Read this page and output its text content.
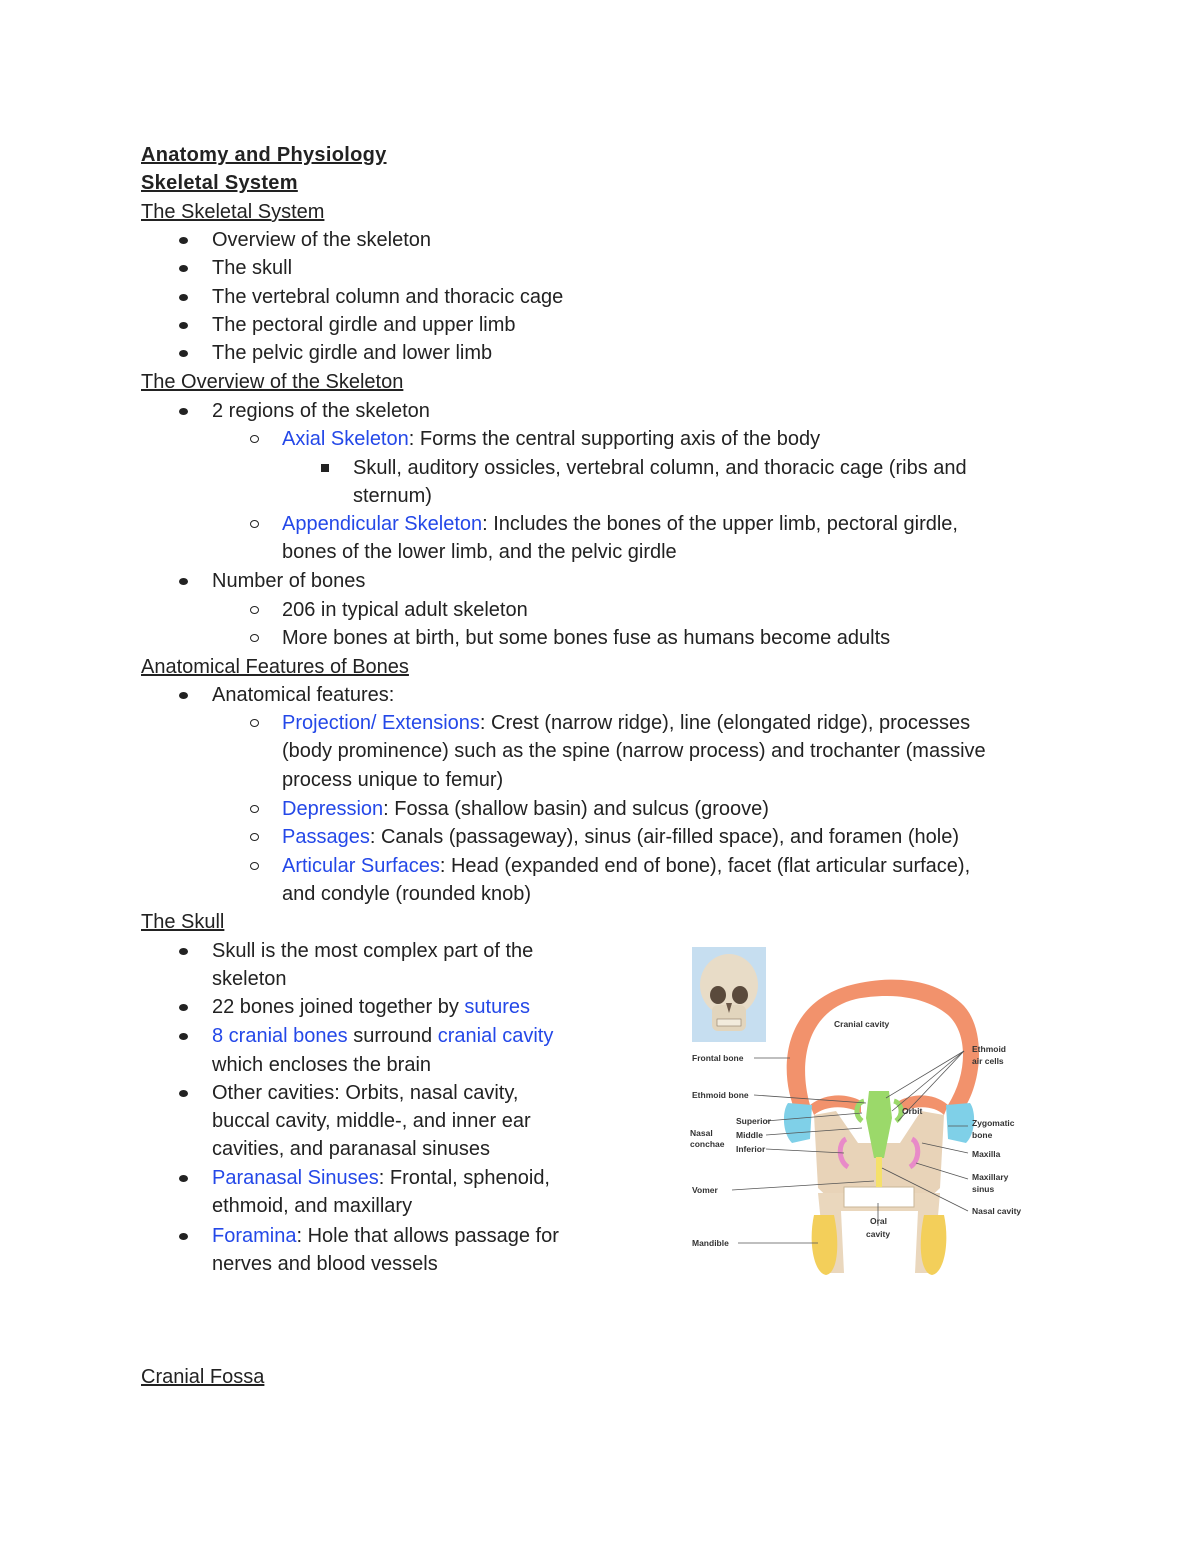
Anatomy and Physiology
Skeletal System
The Skeletal System
Overview of the skeleton
The skull
The vertebral column and thoracic cage
The pectoral girdle and upper limb
The pelvic girdle and lower limb
The Overview of the Skeleton
2 regions of the skeleton
Axial Skeleton: Forms the central supporting axis of the body
Skull, auditory ossicles, vertebral column, and thoracic cage (ribs and
sternum)
Appendicular Skeleton: Includes the bones of the upper limb, pectoral girdle,
bones of the lower limb, and the pelvic girdle
Number of bones
206 in typical adult skeleton
More bones at birth, but some bones fuse as humans become adults
Anatomical Features of Bones
Anatomical features:
Projection/ Extensions: Crest (narrow ridge), line (elongated ridge), processes
(body prominence) such as the spine (narrow process) and trochanter (massive
process unique to femur)
Depression: Fossa (shallow basin) and sulcus (groove)
Passages: Canals (passageway), sinus (air-filled space), and foramen (hole)
Articular Surfaces: Head (expanded end of bone), facet (flat articular surface),
and condyle (rounded knob)
The Skull
Skull is the most complex part of the
skeleton
22 bones joined together by sutures
8 cranial bones surround cranial cavity
which encloses the brain
Other cavities: Orbits, nasal cavity,
buccal cavity, middle-, and inner ear
cavities, and paranasal sinuses
Paranasal Sinuses: Frontal, sphenoid,
ethmoid, and maxillary
Foramina: Hole that allows passage for
nerves and blood vessels
Cranial Fossa
Cranial cavity
Frontal bone
Ethmoid bone
Nasal
conchae
Superior
Middle
Inferior
Vomer
Mandible
Oral
cavity
Orbit
Ethmoid
air cells
Zygomatic
bone
Maxilla
Maxillary
sinus
Nasal cavity
